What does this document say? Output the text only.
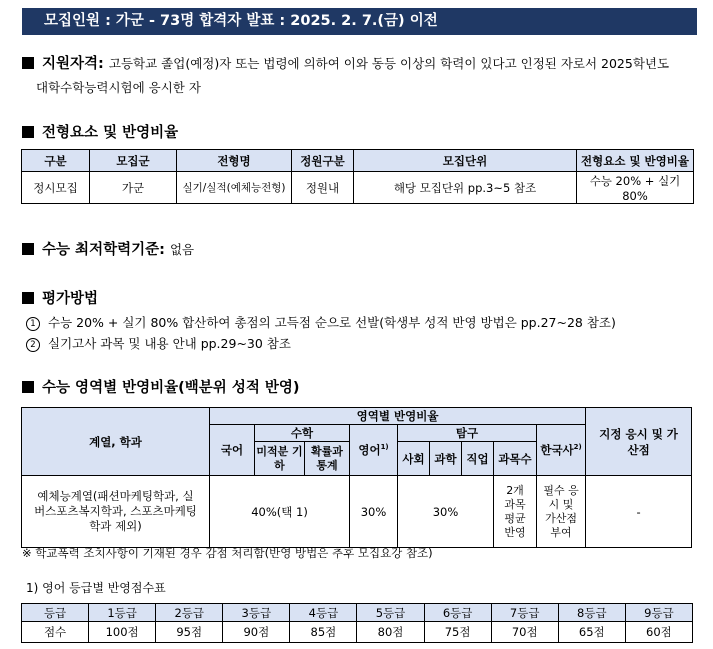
모집인원 : 가군 - 73명 합격자 발표 : 2025. 2. 7.(금) 이전
지원자격: 고등학교 졸업(예정)자 또는 법령에 의하여 이와 동등 이상의 학력이 있다고 인정된 자로서 2025학년도
대학수학능력시험에 응시한 자
전형요소 및 반영비율
구분	모집군	전형명	정원구분	모집단위	전형요소 및 반영비율
정시모집	가군	실기/실적(예체능전형)	정원내	해당 모집단위 pp.3~5 참조	수능 20% + 실기 80%
수능 최저학력기준: 없음
평가방법
1 수능 20% + 실기 80% 합산하여 총점의 고득점 순으로 선발(학생부 성적 반영 방법은 pp.27~28 참조)
2 실기고사 과목 및 내용 안내 pp.29~30 참조
수능 영역별 반영비율(백분위 성적 반영)
계열, 학과	영역별 반영비율									지정 응시 및 가산점
	국어	수학		영어$^{1)}$	탐구				한국사$^{2)}$
		미적분 기하	확률과 통계		사회	과학	직업	과목수		
예체능계열(패션마케팅학과, 실버스포츠복지학과, 스포츠마케팅학과 제외)	40%(택 1)			30%	30%			2개 과목 평균 반영	필수 응시 및 가산점 부여	-
※ 학교폭력 조치사항이 기재된 경우 감점 처리함(반영 방법은 추후 모집요강 참조)
1) 영어 등급별 반영점수표
등급	1등급	2등급	3등급	4등급	5등급	6등급	7등급	8등급	9등급
점수	100점	95점	90점	85점	80점	75점	70점	65점	60점
